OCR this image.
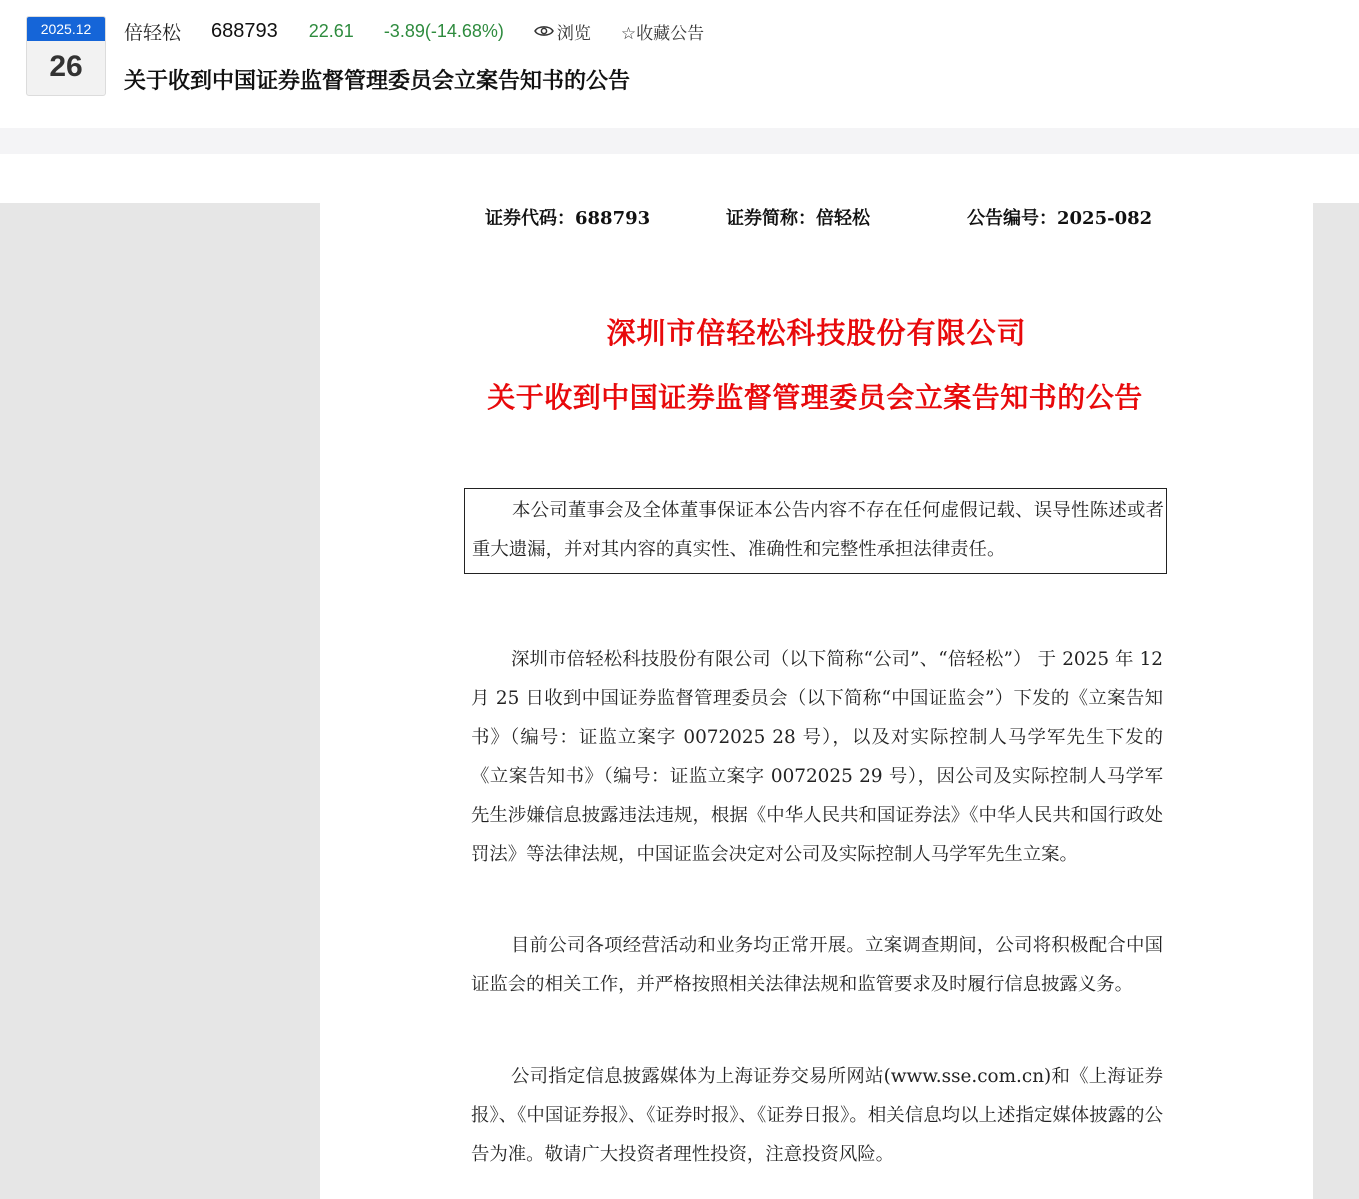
2025.12
26
倍轻松 688793 22.61 -3.89(-14.68%)	浏览 ☆收藏公告
关于收到中国证券监督管理委员会立案告知书的公告
证券代码：688793	证券简称：倍轻松	公告编号：2025-082
深圳市倍轻松科技股份有限公司
关于收到中国证券监督管理委员会立案告知书的公告
本公司董事会及全体董事保证本公告内容不存在任何虚假记载、误导性陈述或者重大遗漏，并对其内容的真实性、准确性和完整性承担法律责任。

深圳市倍轻松科技股份有限公司（以下简称“公司”、“倍轻松”） 于 2025 年 12 月 25 日收到中国证券监督管理委员会（以下简称“中国证监会”）下发的《立案告知书》（编号：证监立案字 0072025 28 号），以及对实际控制人马学军先生下发的《立案告知书》（编号：证监立案字 0072025 29 号），因公司及实际控制人马学军先生涉嫌信息披露违法违规，根据《中华人民共和国证券法》《中华人民共和国行政处罚法》等法律法规，中国证监会决定对公司及实际控制人马学军先生立案。

目前公司各项经营活动和业务均正常开展。立案调查期间，公司将积极配合中国证监会的相关工作，并严格按照相关法律法规和监管要求及时履行信息披露义务。

公司指定信息披露媒体为上海证券交易所网站(www.sse.com.cn)和《上海证券报》、《中国证券报》、《证券时报》、《证券日报》。相关信息均以上述指定媒体披露的公告为准。敬请广大投资者理性投资，注意投资风险。
